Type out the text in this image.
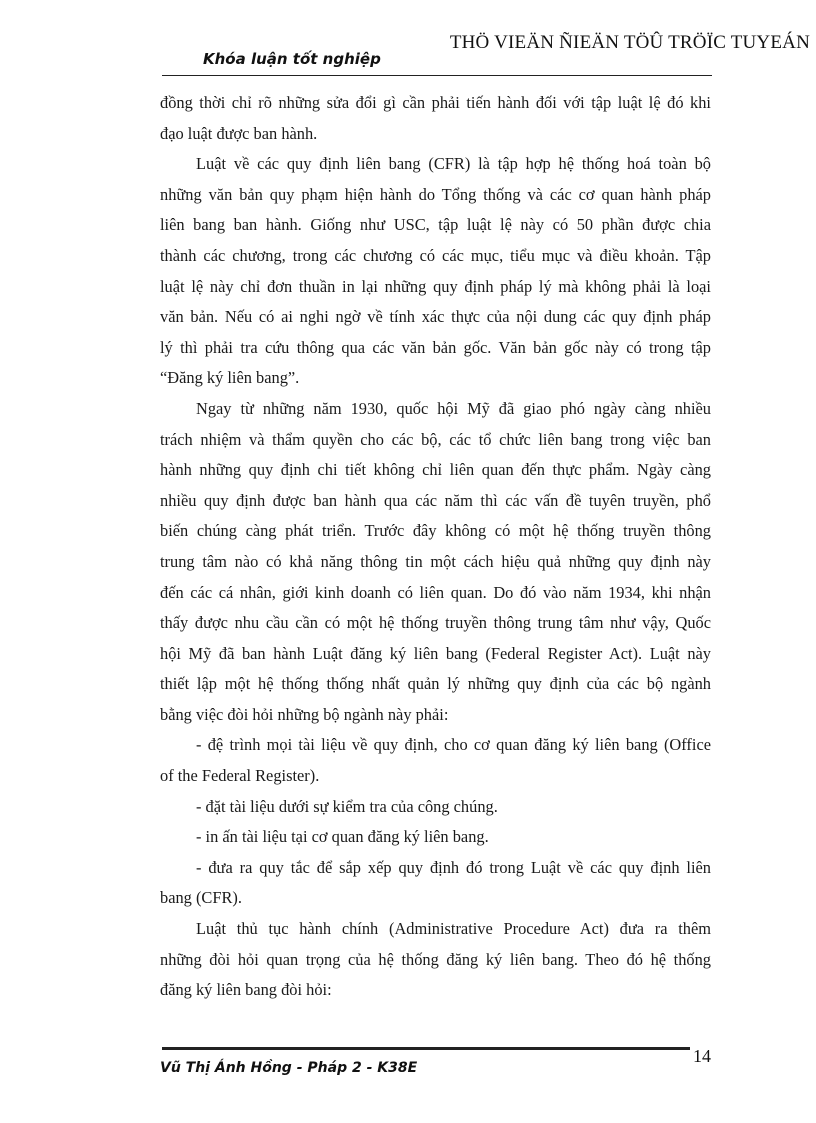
Khóa luận tốt nghiệp
THÖ VIEÄN ÑIEÄN TÖÛ TRÖÏC TUYEÁN
đồng thời chỉ rõ những sửa đổi gì cần phải tiến hành đối với tập luật lệ đó khi
đạo luật được ban hành.
Luật về các quy định liên bang (CFR) là tập hợp hệ thống hoá toàn bộ
những văn bản quy phạm hiện hành do Tổng thống và các cơ quan hành pháp
liên bang ban hành. Giống như USC, tập luật lệ này có 50 phần được chia
thành các chương, trong các chương có các mục, tiểu mục và điều khoản. Tập
luật lệ này chỉ đơn thuần in lại những quy định pháp lý mà không phải là loại
văn bản. Nếu có ai nghi ngờ về tính xác thực của nội dung các quy định pháp
lý thì phải tra cứu thông qua các văn bản gốc. Văn bản gốc này có trong tập
“Đăng ký liên bang”.
Ngay từ những năm 1930, quốc hội Mỹ đã giao phó ngày càng nhiều
trách nhiệm và thẩm quyền cho các bộ, các tổ chức liên bang trong việc ban
hành những quy định chi tiết không chỉ liên quan đến thực phẩm. Ngày càng
nhiều quy định được ban hành qua các năm thì các vấn đề tuyên truyền, phổ
biến chúng càng phát triển. Trước đây không có một hệ thống truyền thông
trung tâm nào có khả năng thông tin một cách hiệu quả những quy định này
đến các cá nhân, giới kinh doanh có liên quan. Do đó vào năm 1934, khi nhận
thấy được nhu cầu cần có một hệ thống truyền thông trung tâm như vậy, Quốc
hội Mỹ đã ban hành Luật đăng ký liên bang (Federal Register Act). Luật này
thiết lập một hệ thống thống nhất quản lý những quy định của các bộ ngành
bằng việc đòi hỏi những bộ ngành này phải:
- đệ trình mọi tài liệu về quy định, cho cơ quan đăng ký liên bang (Office
of the Federal Register).
- đặt tài liệu dưới sự kiểm tra của công chúng.
- in ấn tài liệu tại cơ quan đăng ký liên bang.
- đưa ra quy tắc để sắp xếp quy định đó trong Luật về các quy định liên
bang (CFR).
Luật thủ tục hành chính (Administrative Procedure Act) đưa ra thêm
những đòi hỏi quan trọng của hệ thống đăng ký liên bang. Theo đó hệ thống
đăng ký liên bang đòi hỏi:
Vũ Thị Ánh Hồng - Pháp 2 - K38E
14
